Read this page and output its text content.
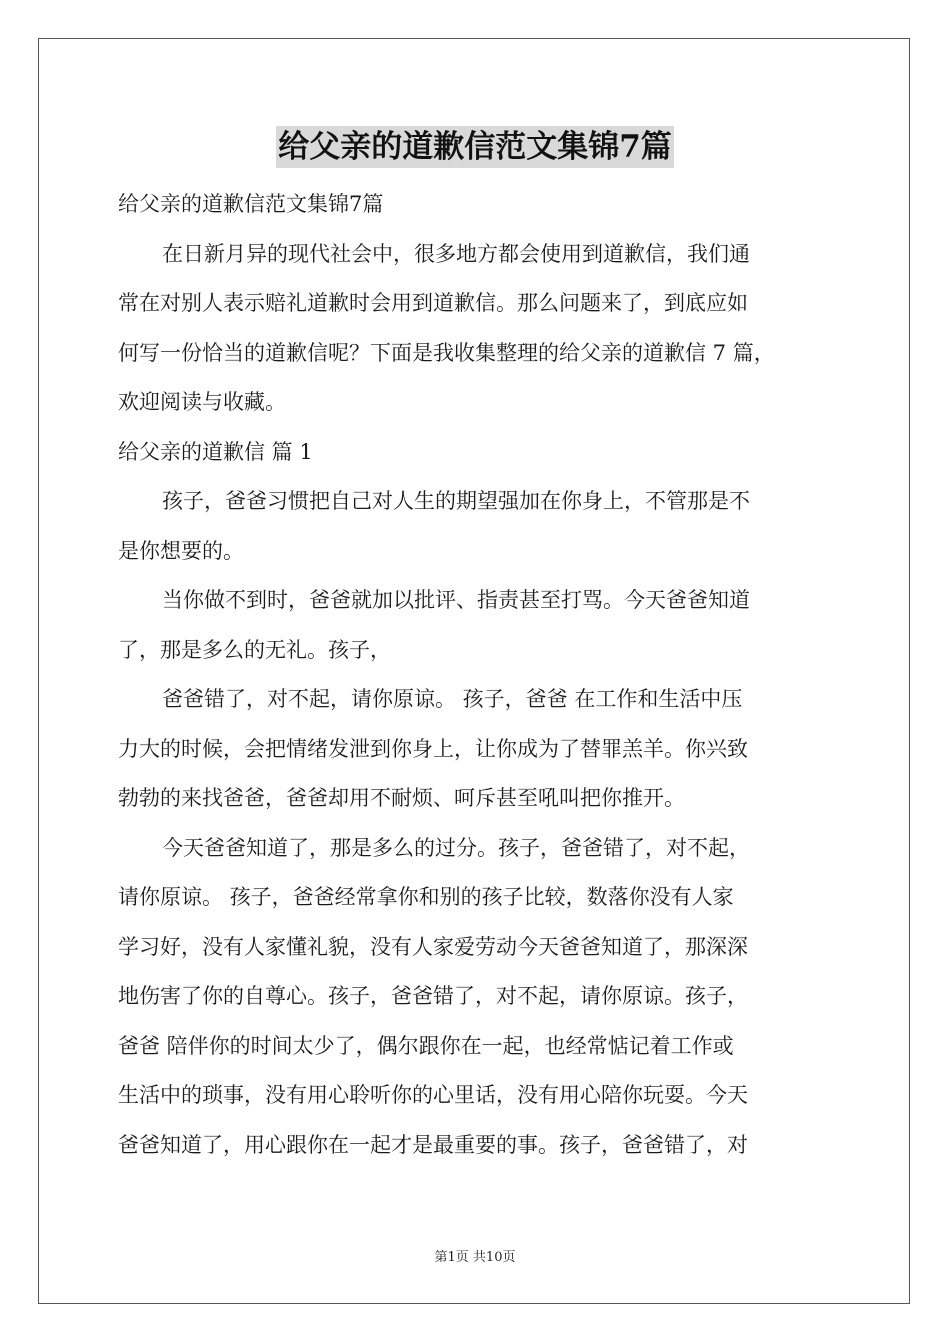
给父亲的道歉信范文集锦7篇
给父亲的道歉信范文集锦7篇
在日新月异的现代社会中，很多地方都会使用到道歉信，我们通
常在对别人表示赔礼道歉时会用到道歉信。那么问题来了，到底应如
何写一份恰当的道歉信呢？下面是我收集整理的给父亲的道歉信 7 篇，
欢迎阅读与收藏。
给父亲的道歉信 篇 1
孩子，爸爸习惯把自己对人生的期望强加在你身上，不管那是不
是你想要的。
当你做不到时，爸爸就加以批评、指责甚至打骂。今天爸爸知道
了，那是多么的无礼。孩子，
爸爸错了，对不起，请你原谅。 孩子，爸爸 在工作和生活中压
力大的时候，会把情绪发泄到你身上，让你成为了替罪羔羊。你兴致
勃勃的来找爸爸，爸爸却用不耐烦、呵斥甚至吼叫把你推开。
今天爸爸知道了，那是多么的过分。孩子，爸爸错了，对不起，
请你原谅。 孩子，爸爸经常拿你和别的孩子比较，数落你没有人家
学习好，没有人家懂礼貌，没有人家爱劳动今天爸爸知道了，那深深
地伤害了你的自尊心。孩子，爸爸错了，对不起，请你原谅。孩子，
爸爸 陪伴你的时间太少了，偶尔跟你在一起，也经常惦记着工作或
生活中的琐事，没有用心聆听你的心里话，没有用心陪你玩耍。今天
爸爸知道了，用心跟你在一起才是最重要的事。孩子，爸爸错了，对
第1页 共10页
